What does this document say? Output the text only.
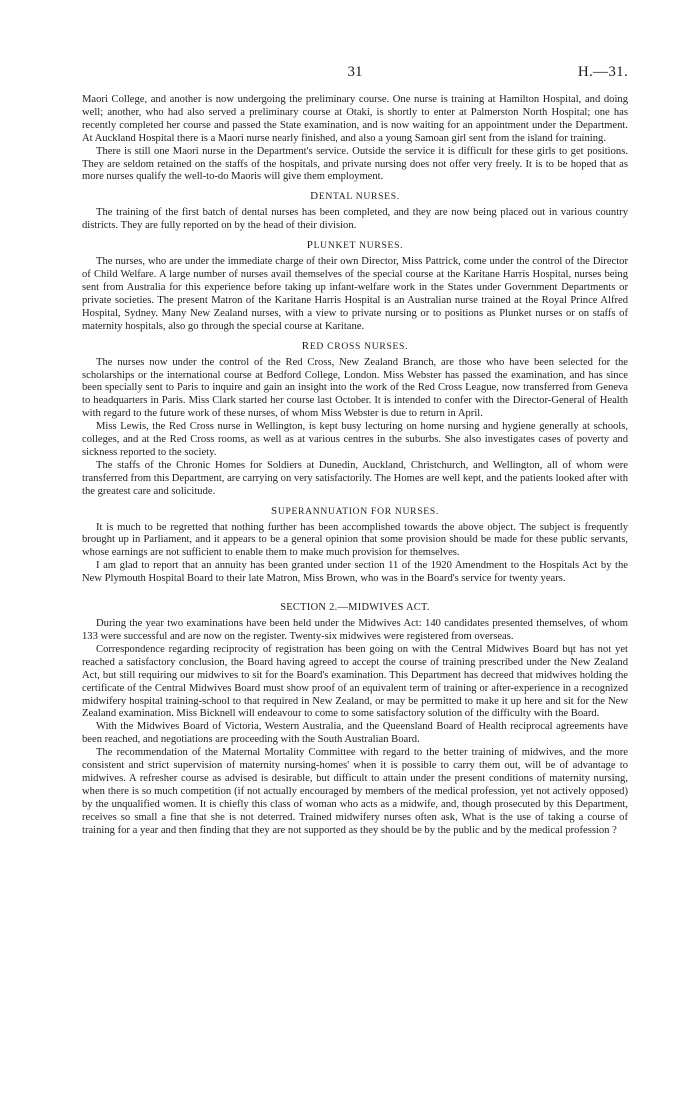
31	H.—31.

Maori College, and another is now undergoing the preliminary course. One nurse is training at Hamilton Hospital, and doing well; another, who had also served a preliminary course at Otaki, is shortly to enter at Palmerston North Hospital; one has recently completed her course and passed the State examination, and is now waiting for an appointment under the Department. At Auckland Hospital there is a Maori nurse nearly finished, and also a young Samoan girl sent from the island for training.

There is still one Maori nurse in the Department's service. Outside the service it is difficult for these girls to get positions. They are seldom retained on the staffs of the hospitals, and private nursing does not offer very freely. It is to be hoped that as more nurses qualify the well-to-do Maoris will give them employment.

DENTAL NURSES.

The training of the first batch of dental nurses has been completed, and they are now being placed out in various country districts. They are fully reported on by the head of their division.

PLUNKET NURSES.

The nurses, who are under the immediate charge of their own Director, Miss Pattrick, come under the control of the Director of Child Welfare. A large number of nurses avail themselves of the special course at the Karitane Harris Hospital, nurses being sent from Australia for this experience before taking up infant-welfare work in the States under Government Departments or private societies. The present Matron of the Karitane Harris Hospital is an Australian nurse trained at the Royal Prince Alfred Hospital, Sydney. Many New Zealand nurses, with a view to private nursing or to positions as Plunket nurses or on staffs of maternity hospitals, also go through the special course at Karitane.

RED CROSS NURSES.

The nurses now under the control of the Red Cross, New Zealand Branch, are those who have been selected for the scholarships or the international course at Bedford College, London. Miss Webster has passed the examination, and has since been specially sent to Paris to inquire and gain an insight into the work of the Red Cross League, now transferred from Geneva to headquarters in Paris. Miss Clark started her course last October. It is intended to confer with the Director-General of Health with regard to the future work of these nurses, of whom Miss Webster is due to return in April.

Miss Lewis, the Red Cross nurse in Wellington, is kept busy lecturing on home nursing and hygiene generally at schools, colleges, and at the Red Cross rooms, as well as at various centres in the suburbs. She also investigates cases of poverty and sickness reported to the society.

The staffs of the Chronic Homes for Soldiers at Dunedin, Auckland, Christchurch, and Wellington, all of whom were transferred from this Department, are carrying on very satisfactorily. The Homes are well kept, and the patients looked after with the greatest care and solicitude.

SUPERANNUATION FOR NURSES.

It is much to be regretted that nothing further has been accomplished towards the above object. The subject is frequently brought up in Parliament, and it appears to be a general opinion that some provision should be made for these public servants, whose earnings are not sufficient to enable them to make much provision for themselves.

I am glad to report that an annuity has been granted under section 11 of the 1920 Amendment to the Hospitals Act by the New Plymouth Hospital Board to their late Matron, Miss Brown, who was in the Board's service for twenty years.

SECTION 2.—MIDWIVES ACT.

During the year two examinations have been held under the Midwives Act: 140 candidates presented themselves, of whom 133 were successful and are now on the register. Twenty-six midwives were registered from overseas.

Correspondence regarding reciprocity of registration has been going on with the Central Midwives Board bųt has not yet reached a satisfactory conclusion, the Board having agreed to accept the course of training prescribed under the New Zealand Act, but still requiring our midwives to sit for the Board's examination. This Department has decreed that midwives holding the certificate of the Central Midwives Board must show proof of an equivalent term of training or after-experience in a recognized midwifery hospital training-school to that required in New Zealand, or may be permitted to make it up here and sit for the New Zealand examination. Miss Bicknell will endeavour to come to some satisfactory solution of the difficulty with the Board.

With the Midwives Board of Victoria, Western Australia, and the Queensland Board of Health reciprocal agreements have been reached, and negotiations are proceeding with the South Australian Board.

The recommendation of the Maternal Mortality Committee with regard to the better training of midwives, and the more consistent and strict supervision of maternity nursing-homes' when it is possible to carry them out, will be of advantage to midwives. A refresher course as advised is desirable, but difficult to attain under the present conditions of maternity nursing, when there is so much competition (if not actually encouraged by members of the medical profession, yet not actively opposed) by the unqualified women. It is chiefly this class of woman who acts as a midwife, and, though prosecuted by this Department, receives so small a fine that she is not deterred. Trained midwifery nurses often ask, What is the use of taking a course of training for a year and then finding that they are not supported as they should be by the public and by the medical profession ?
